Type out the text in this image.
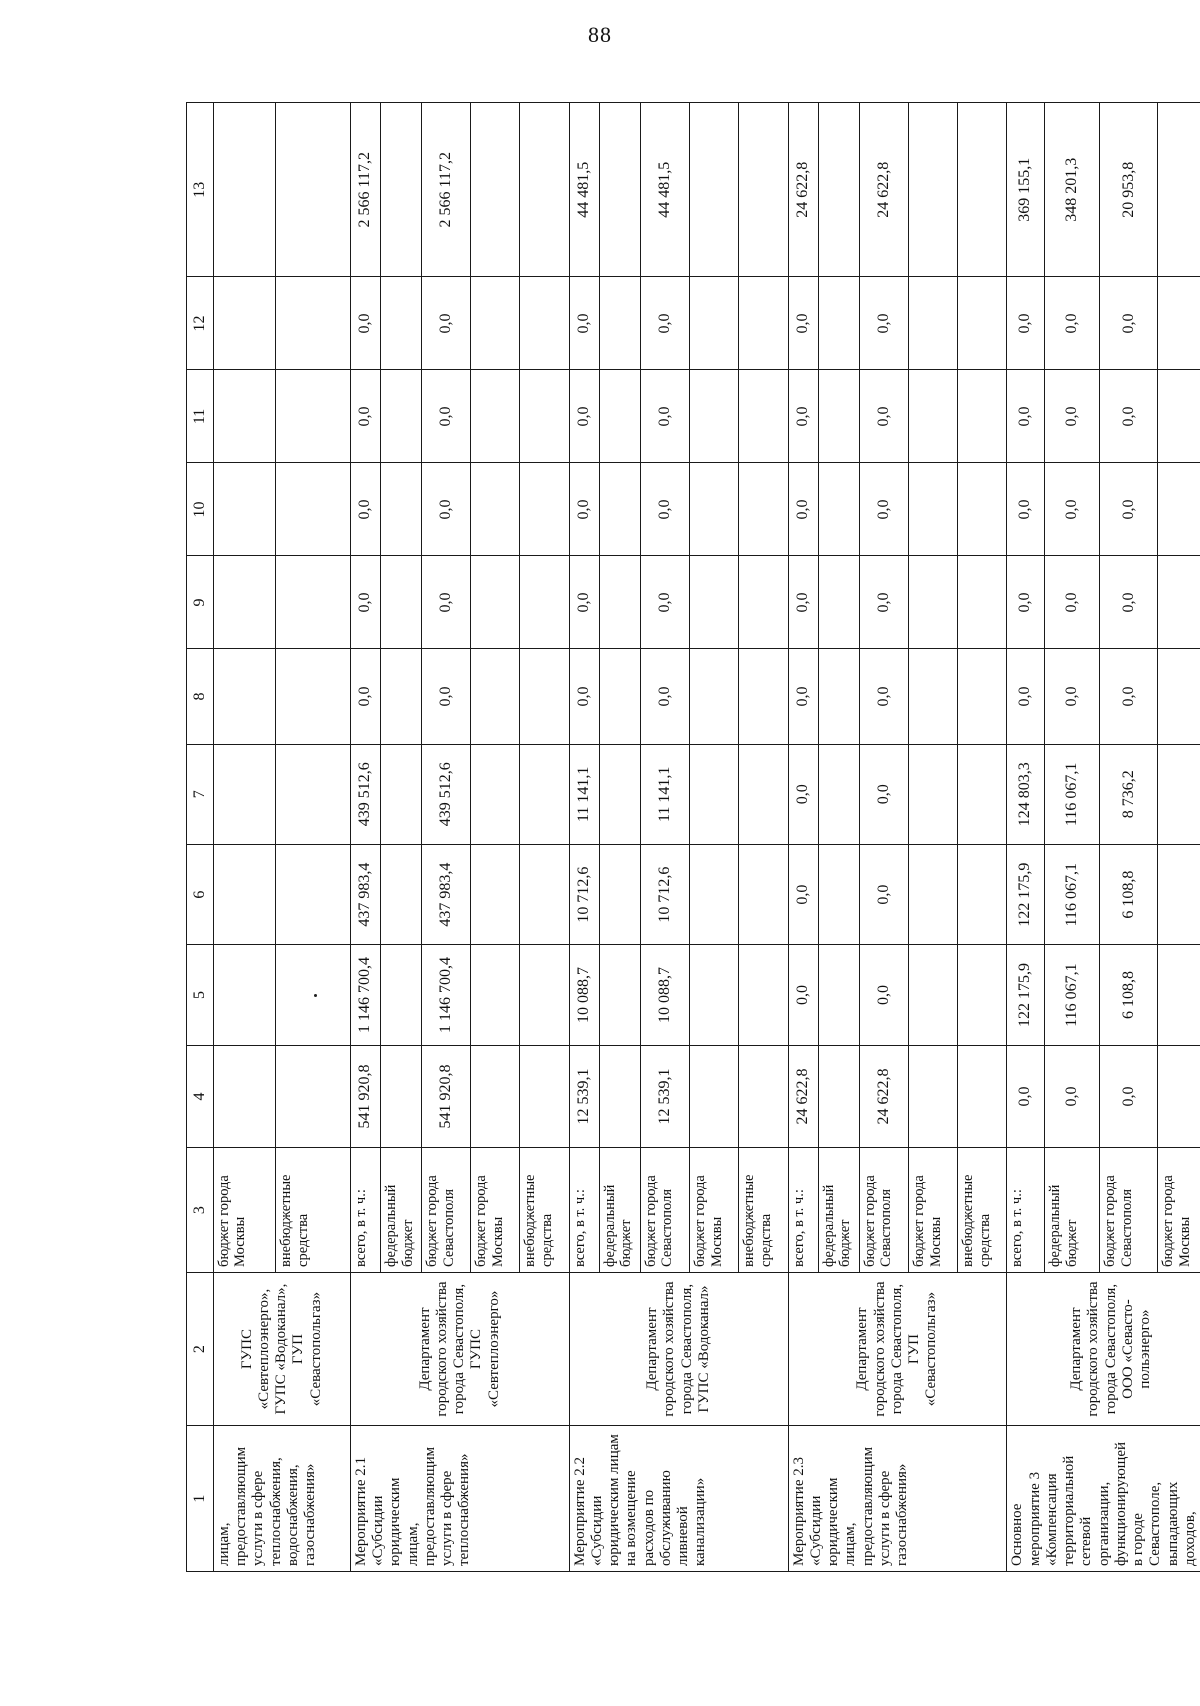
88
1	2	3	4	5	6	7	8	9	10	11	12	13
лицам, предоставляющим услуги в сфере теплоснабжения, водоснабжения, газоснабжения»	ГУПС «Севтеплоэнерго», ГУПС «Водоканал», ГУП «Севастопольгаз»	бюджет города Москвы										
		внебюджетные средства										
Мероприятие 2.1 «Субсидии юридическим лицам, предоставляющим услуги в сфере теплоснабжения»	Департамент городского хозяйства города Севастополя, ГУПС «Севтеплоэнерго»	всего, в т. ч.:	541 920,8	1 146 700,4	437 983,4	439 512,6	0,0	0,0	0,0	0,0	0,0	2 566 117,2
		федеральный бюджет										
		бюджет города Севастополя	541 920,8	1 146 700,4	437 983,4	439 512,6	0,0	0,0	0,0	0,0	0,0	2 566 117,2
		бюджет города Москвы										
		внебюджетные средства										
Мероприятие 2.2 «Субсидии юридическим лицам на возмещение расходов по обслуживанию ливневой канализации»	Департамент городского хозяйства города Севастополя, ГУПС «Водоканал»	всего, в т. ч.:	12 539,1	10 088,7	10 712,6	11 141,1	0,0	0,0	0,0	0,0	0,0	44 481,5
		федеральный бюджет										
		бюджет города Севастополя	12 539,1	10 088,7	10 712,6	11 141,1	0,0	0,0	0,0	0,0	0,0	44 481,5
		бюджет города Москвы										
		внебюджетные средства										
Мероприятие 2.3 «Субсидии юридическим лицам, предоставляющим услуги в сфере газоснабжения»	Департамент городского хозяйства города Севастополя, ГУП «Севастопольгаз»	всего, в т. ч.:	24 622,8	0,0	0,0	0,0	0,0	0,0	0,0	0,0	0,0	24 622,8
		федеральный бюджет										
		бюджет города Севастополя	24 622,8	0,0	0,0	0,0	0,0	0,0	0,0	0,0	0,0	24 622,8
		бюджет города Москвы										
		внебюджетные средства										
Основное мероприятие 3 «Компенсация территориальной сетевой организации, функционирующей в городе Севастополе, выпадающих доходов,	Департамент городского хозяйства города Севастополя, ООО «Севасто-польэнерго»	всего, в т. ч.:	0,0	122 175,9	122 175,9	124 803,3	0,0	0,0	0,0	0,0	0,0	369 155,1
		федеральный бюджет	0,0	116 067,1	116 067,1	116 067,1	0,0	0,0	0,0	0,0	0,0	348 201,3
		бюджет города Севастополя	0,0	6 108,8	6 108,8	8 736,2	0,0	0,0	0,0	0,0	0,0	20 953,8
		бюджет города Москвы										
